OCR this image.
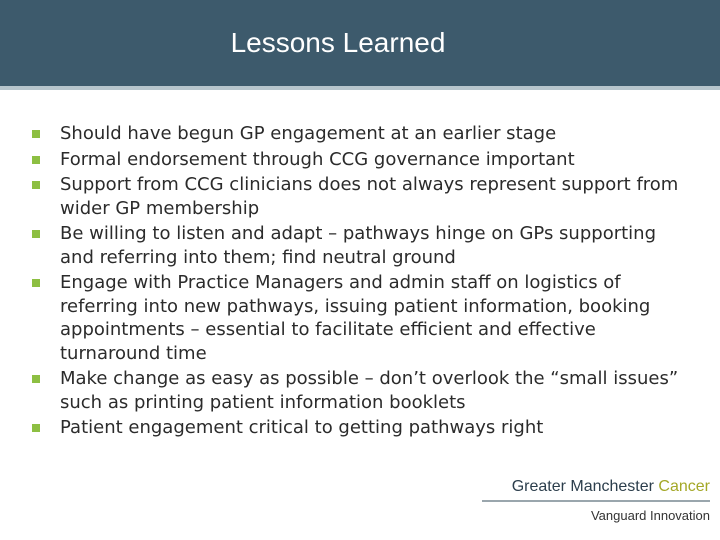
Lessons Learned
Should have begun GP engagement at an earlier stage
Formal endorsement through CCG governance important
Support from CCG clinicians does not always represent support from wider GP membership
Be willing to listen and adapt – pathways hinge on GPs supporting and referring into them; find neutral ground
Engage with Practice Managers and admin staff on logistics of referring into new pathways, issuing patient information, booking appointments – essential to facilitate efficient and effective turnaround time
Make change as easy as possible – don’t overlook the “small issues” such as printing patient information booklets
Patient engagement critical to getting pathways right
Greater Manchester Cancer
Vanguard Innovation
